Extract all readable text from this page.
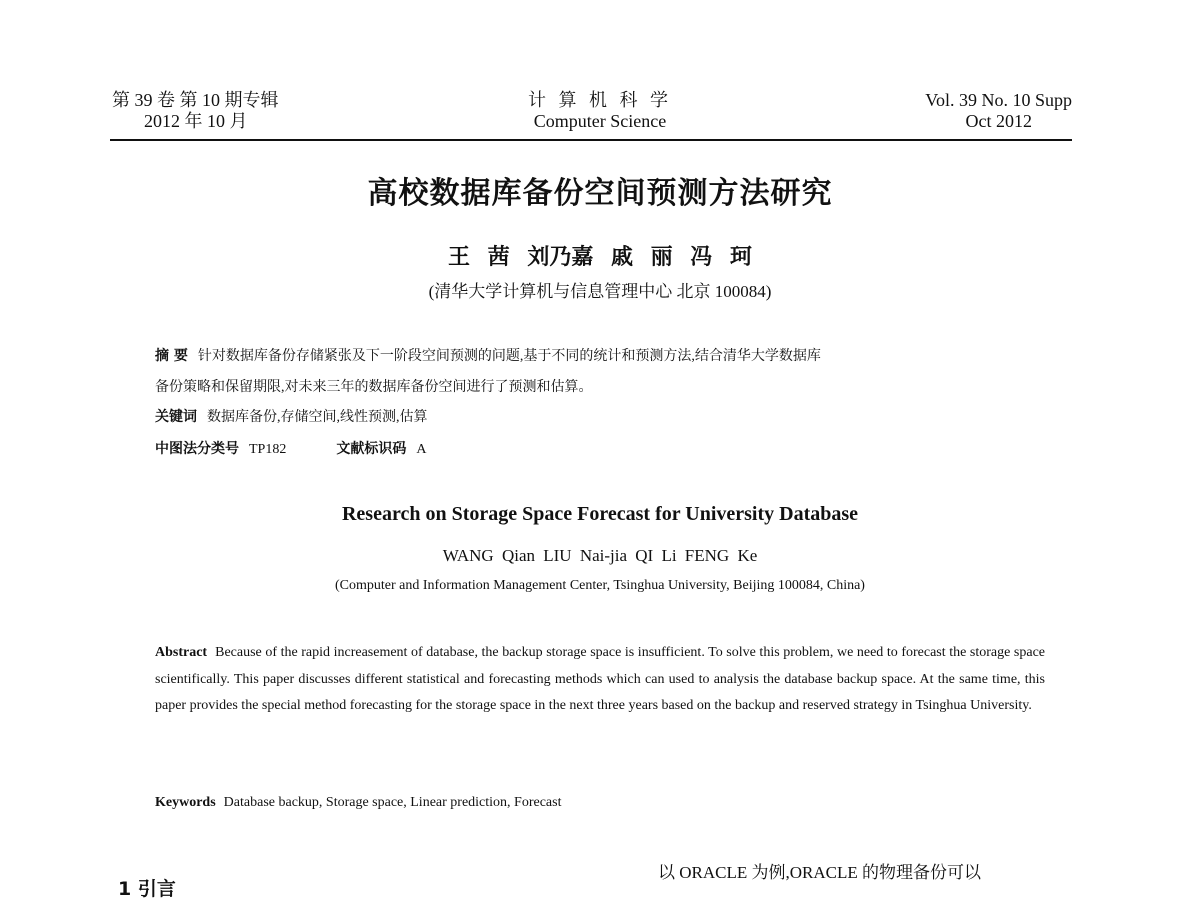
第 39 卷 第 10 期专辑
2012 年 10 月
计 算 机 科 学
Computer Science
Vol. 39 No. 10 Supp
Oct 2012
高校数据库备份空间预测方法研究
王 茜 刘乃嘉 戚 丽 冯 珂
(清华大学计算机与信息管理中心 北京 100084)
摘 要 针对数据库备份存储紧张及下一阶段空间预测的问题,基于不同的统计和预测方法,结合清华大学数据库
备份策略和保留期限,对未来三年的数据库备份空间进行了预测和估算。
关键词 数据库备份,存储空间,线性预测,估算
中图法分类号 TP182	文献标识码 A
Research on Storage Space Forecast for University Database
WANG Qian LIU Nai-jia QI Li FENG Ke
(Computer and Information Management Center, Tsinghua University, Beijing 100084, China)
Abstract Because of the rapid increasement of database, the backup storage space is insufficient. To solve this problem, we need to forecast the storage space scientifically. This paper discusses different statistical and forecasting methods which can used to analysis the database backup space. At the same time, this paper provides the special method forecasting for the storage space in the next three years based on the backup and reserved strategy in Tsinghua University.
Keywords Database backup, Storage space, Linear prediction, Forecast
1 引言
以 ORACLE 为例,ORACLE 的物理备份可以
